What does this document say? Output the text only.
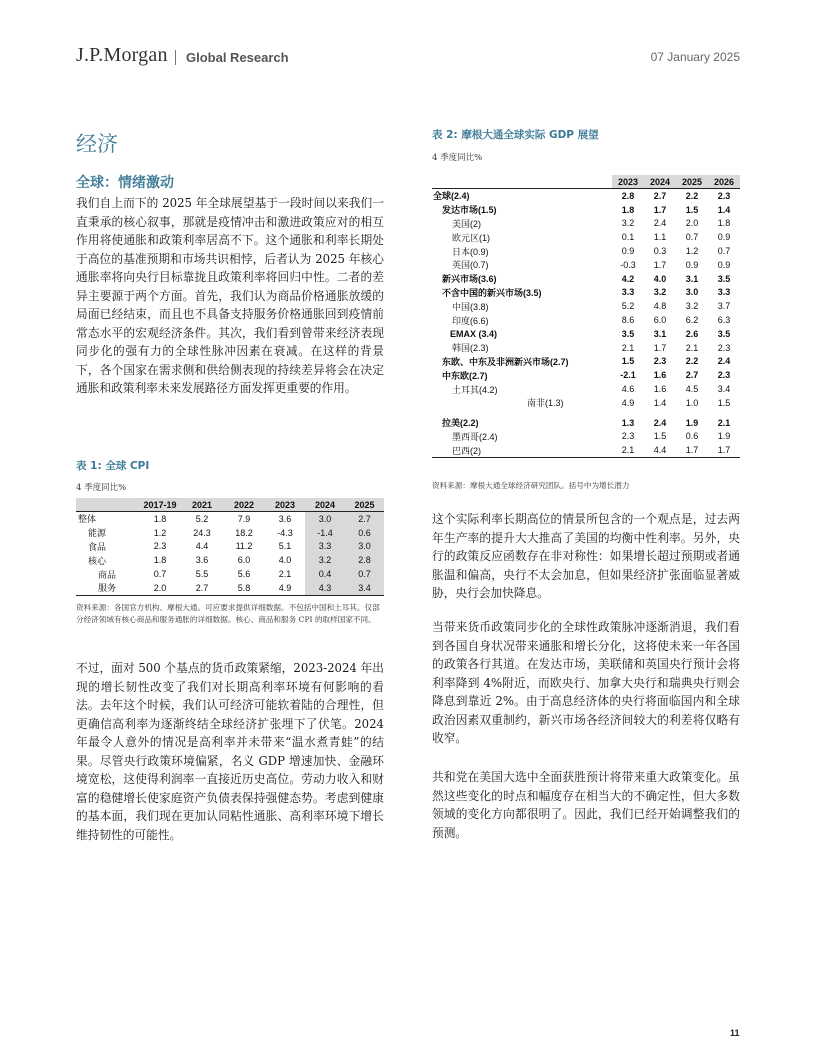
J.P.Morgan Global Research	07 January 2025
经济
全球：情绪激动
我们自上而下的 2025 年全球展望基于一段时间以来我们一直秉承的核心叙事，那就是疫情冲击和激进政策应对的相互作用将使通胀和政策利率居高不下。这个通胀和利率长期处于高位的基准预期和市场共识相悖，后者认为 2025 年核心通胀率将向央行目标靠拢且政策利率将回归中性。二者的差异主要源于两个方面。首先，我们认为商品价格通胀放缓的局面已经结束，而且也不具备支持服务价格通胀回到疫情前常态水平的宏观经济条件。其次，我们看到曾带来经济表现同步化的强有力的全球性脉冲因素在衰减。在这样的背景下，各个国家在需求侧和供给侧表现的持续差异将会在决定通胀和政策利率未来发展路径方面发挥更重要的作用。
表 1: 全球 CPI
4 季度同比%
	2017-19	2021	2022	2023	2024	2025
整体	1.8	5.2	7.9	3.6	3.0	2.7
能源	1.2	24.3	18.2	-4.3	-1.4	0.6
食品	2.3	4.4	11.2	5.1	3.3	3.0
核心	1.8	3.6	6.0	4.0	3.2	2.8
商品	0.7	5.5	5.6	2.1	0.4	0.7
服务	2.0	2.7	5.8	4.9	4.3	3.4
资料来源：各国官方机构、摩根大通。可应要求提供详细数据。不包括中国和土耳其。仅部分经济领域有核心商品和服务通胀的详细数据。核心、商品和服务 CPI 的取样国家不同。
不过，面对 500 个基点的货币政策紧缩，2023-2024 年出现的增长韧性改变了我们对长期高利率环境有何影响的看法。去年这个时候，我们认可经济可能软着陆的合理性，但更确信高利率为逐渐终结全球经济扩张埋下了伏笔。2024 年最令人意外的情况是高利率并未带来“温水煮青蛙”的结果。尽管央行政策环境偏紧，名义 GDP 增速加快、金融环境宽松，这使得利润率一直接近历史高位。劳动力收入和财富的稳健增长使家庭资产负债表保持强健态势。考虑到健康的基本面，我们现在更加认同粘性通胀、高利率环境下增长维持韧性的可能性。
表 2: 摩根大通全球实际 GDP 展望
4 季度同比%
	2023	2024	2025	2026
全球(2.4)	2.8	2.7	2.2	2.3
发达市场(1.5)	1.8	1.7	1.5	1.4
美国(2)	3.2	2.4	2.0	1.8
欧元区(1)	0.1	1.1	0.7	0.9
日本(0.9)	0.9	0.3	1.2	0.7
英国(0.7)	-0.3	1.7	0.9	0.9
新兴市场(3.6)	4.2	4.0	3.1	3.5
不含中国的新兴市场(3.5)	3.3	3.2	3.0	3.3
中国(3.8)	5.2	4.8	3.2	3.7
印度(6.6)	8.6	6.0	6.2	6.3
EMAX (3.4)	3.5	3.1	2.6	3.5
韩国(2.3)	2.1	1.7	2.1	2.3
东欧、中东及非洲新兴市场(2.7)	1.5	2.3	2.2	2.4
中东欧(2.7)	-2.1	1.6	2.7	2.3
土耳其(4.2)	4.6	1.6	4.5	3.4
南非(1.3)	4.9	1.4	1.0	1.5
拉美(2.2)	1.3	2.4	1.9	2.1
墨西哥(2.4)	2.3	1.5	0.6	1.9
巴西(2)	2.1	4.4	1.7	1.7
资料来源：摩根大通全球经济研究团队。括号中为增长潜力
这个实际利率长期高位的情景所包含的一个观点是，过去两年生产率的提升大大推高了美国的均衡中性利率。另外，央行的政策反应函数存在非对称性：如果增长超过预期或者通胀温和偏高，央行不太会加息，但如果经济扩张面临显著威胁，央行会加快降息。
当带来货币政策同步化的全球性政策脉冲逐渐消退，我们看到各国自身状况带来通胀和增长分化，这将使未来一年各国的政策各行其道。在发达市场，美联储和英国央行预计会将利率降到 4%附近，而欧央行、加拿大央行和瑞典央行则会降息到靠近 2%。由于高息经济体的央行将面临国内和全球政治因素双重制约，新兴市场各经济间较大的利差将仅略有收窄。
共和党在美国大选中全面获胜预计将带来重大政策变化。虽然这些变化的时点和幅度存在相当大的不确定性，但大多数领域的变化方向都很明了。因此，我们已经开始调整我们的预测。
11
